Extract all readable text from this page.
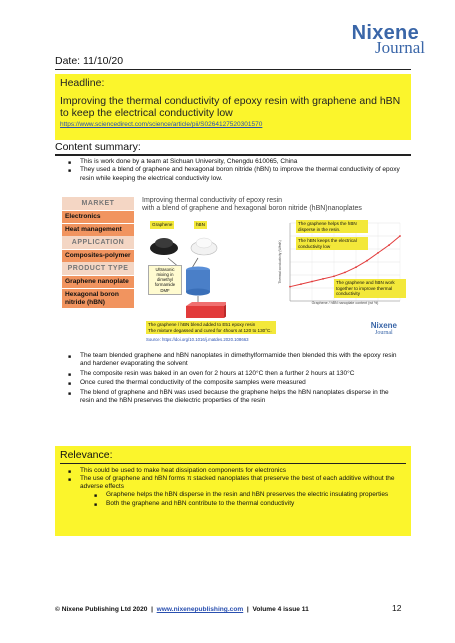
Nixene
Journal
Date: 11/10/20
Headline:
Improving the thermal conductivity of epoxy resin with graphene and hBN to keep the electrical conductivity low
https://www.sciencedirect.com/science/article/pii/S0264127520301570
Content summary:
■ This is work done by a team at Sichuan University, Chengdu 610065, China
■ They used a blend of graphene and hexagonal boron nitride (hBN) to improve the thermal conductivity of epoxy resin while keeping the electrical conductivity low.
MARKET
Electronics
Heat management
APPLICATION
Composites-polymer
PRODUCT TYPE
Graphene nanoplate
Hexagonal boron nitride (hBN)
Improving thermal conductivity of epoxy resin
with a blend of graphene and hexagonal boron nitride (hBN)nanoplates
Graphene	hBN
Ultrasonic mixing in dimethyl formamide DMF
The graphene / hBN blend added to E51 epoxy resin
The mixture degassed and cured for 4hours at 120 to 130°C.
Source: https://doi.org/10.1016/j.matdes.2020.108663
Thermal conductivity (W/mK)
The graphene helps the hBN disperse in the resin.
The hBN keeps the electrical conductivity low
The graphene and hBN work together to improve thermal conductivity
Graphene / hBN nanoplate content (wt %)
Nixene
Journal
■ The team blended graphene and hBN nanoplates in dimethylformamide then blended this with the epoxy resin and hardener evaporating the solvent
■ The composite resin was baked in an oven for 2 hours at 120°C then a further 2 hours at 130°C
■ Once cured the thermal conductivity of the composite samples were measured
■ The blend of graphene and hBN was used because the graphene helps the hBN nanoplates disperse in the resin and the hBN preserves the dielectric properties of the resin
Relevance:
■ This could be used to make heat dissipation components for electronics
■ The use of graphene and hBN forms π stacked nanoplates that preserve the best of each additive without the adverse effects
■ Graphene helps the hBN disperse in the resin and hBN preserves the electric insulating properties
■ Both the graphene and hBN contribute to the thermal conductivity
© Nixene Publishing Ltd 2020 | www.nixenepublishing.com | Volume 4 issue 11	12
